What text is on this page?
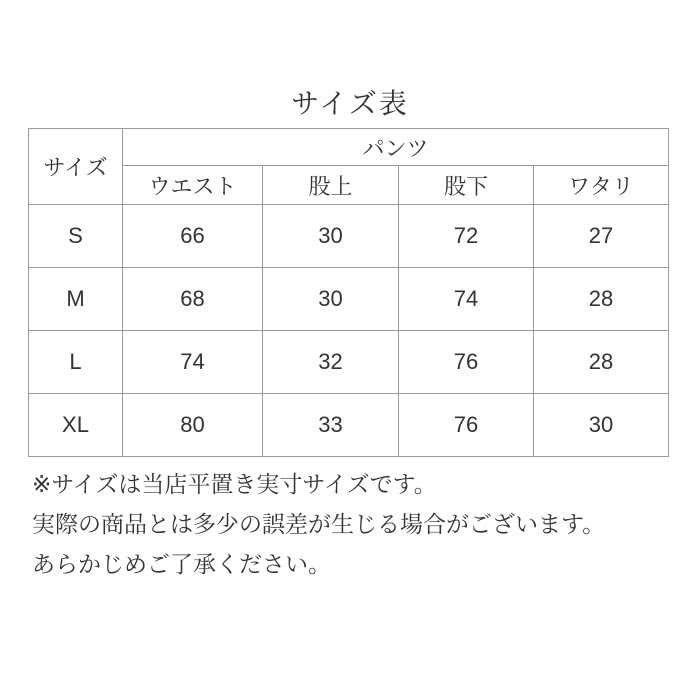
サイズ表
サイズ	パンツ			
	ウエスト	股上	股下	ワタリ
S	66	30	72	27
M	68	30	74	28
L	74	32	76	28
XL	80	33	76	30
※サイズは当店平置き実寸サイズです。
実際の商品とは多少の誤差が生じる場合がございます。
あらかじめご了承ください。
